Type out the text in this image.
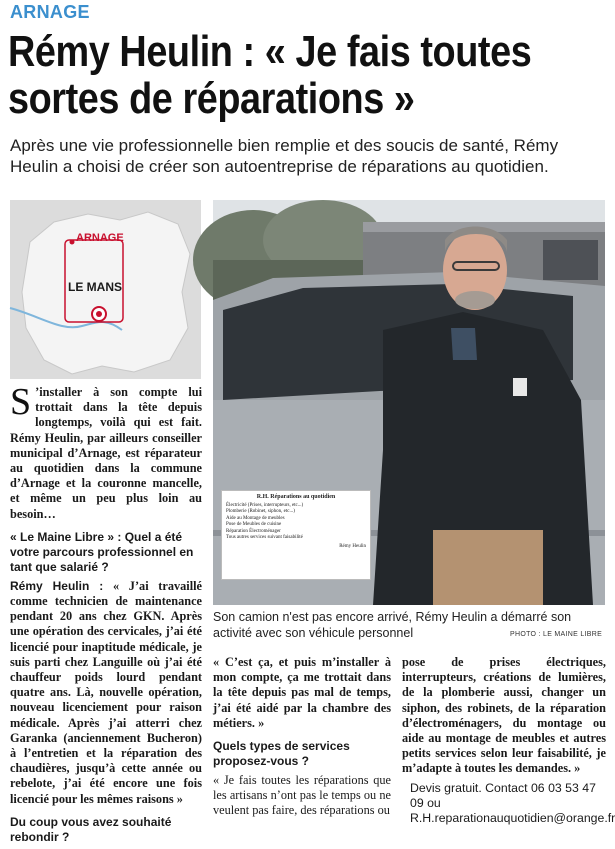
ARNAGE
Rémy Heulin : « Je fais toutes
sortes de réparations »

Après une vie professionnelle bien remplie et des soucis de santé, Rémy Heulin a choisi de créer son autoentreprise de réparations au quotidien.

ARNAGE
LE MANS
R.H. Réparations au quotidien
Électricité (Prises, interrupteurs, etc...)
Plomberie (Robinet, siphon, etc...)
Aide au Montage de meubles
Pose de Meubles de cuisine
Réparation Électroménager
Tous autres services suivant faisabilité
Rémy Heulin
Son camion n'est pas encore arrivé, Rémy Heulin a démarré son activité avec son véhicule personnel	PHOTO : LE MAINE LIBRE

S ’installer à son compte lui trottait dans la tête depuis longtemps, voilà qui est fait. Rémy Heulin, par ailleurs conseiller municipal d’Arnage, est réparateur au quotidien dans la commune d’Arnage et la couronne mancelle, et même un peu plus loin au besoin…

« Le Maine Libre » : Quel a été votre parcours professionnel en tant que salarié ?

Rémy Heulin : « J’ai travaillé comme technicien de maintenance pendant 20 ans chez GKN. Après une opération des cervicales, j’ai été licencié pour inaptitude médicale, je suis parti chez Languille où j’ai été chauffeur poids lourd pendant quatre ans. Là, nouvelle opération, nouveau licenciement pour raison médicale. Après j’ai atterri chez Garanka (anciennement Bucheron) à l’entretien et la réparation des chaudières, jusqu’à cette année ou rebelote, j’ai été encore une fois licencié pour les mêmes raisons »

Du coup vous avez souhaité rebondir ?

« C’est ça, et puis m’installer à mon compte, ça me trottait dans la tête depuis pas mal de temps, j’ai été aidé par la chambre des métiers. »

Quels types de services proposez-vous ?

« Je fais toutes les réparations que les artisans n’ont pas le temps ou ne veulent pas faire, des réparations ou

pose de prises électriques, interrupteurs, créations de lumières, de la plomberie aussi, changer un siphon, des robinets, de la réparation d’électroménagers, du montage ou aide au montage de meubles et autres petits services selon leur faisabilité, je m’adapte à toutes les demandes. »

Devis gratuit. Contact 06 03 53 47 09 ou R.H.reparationauquotidien@orange.fr
